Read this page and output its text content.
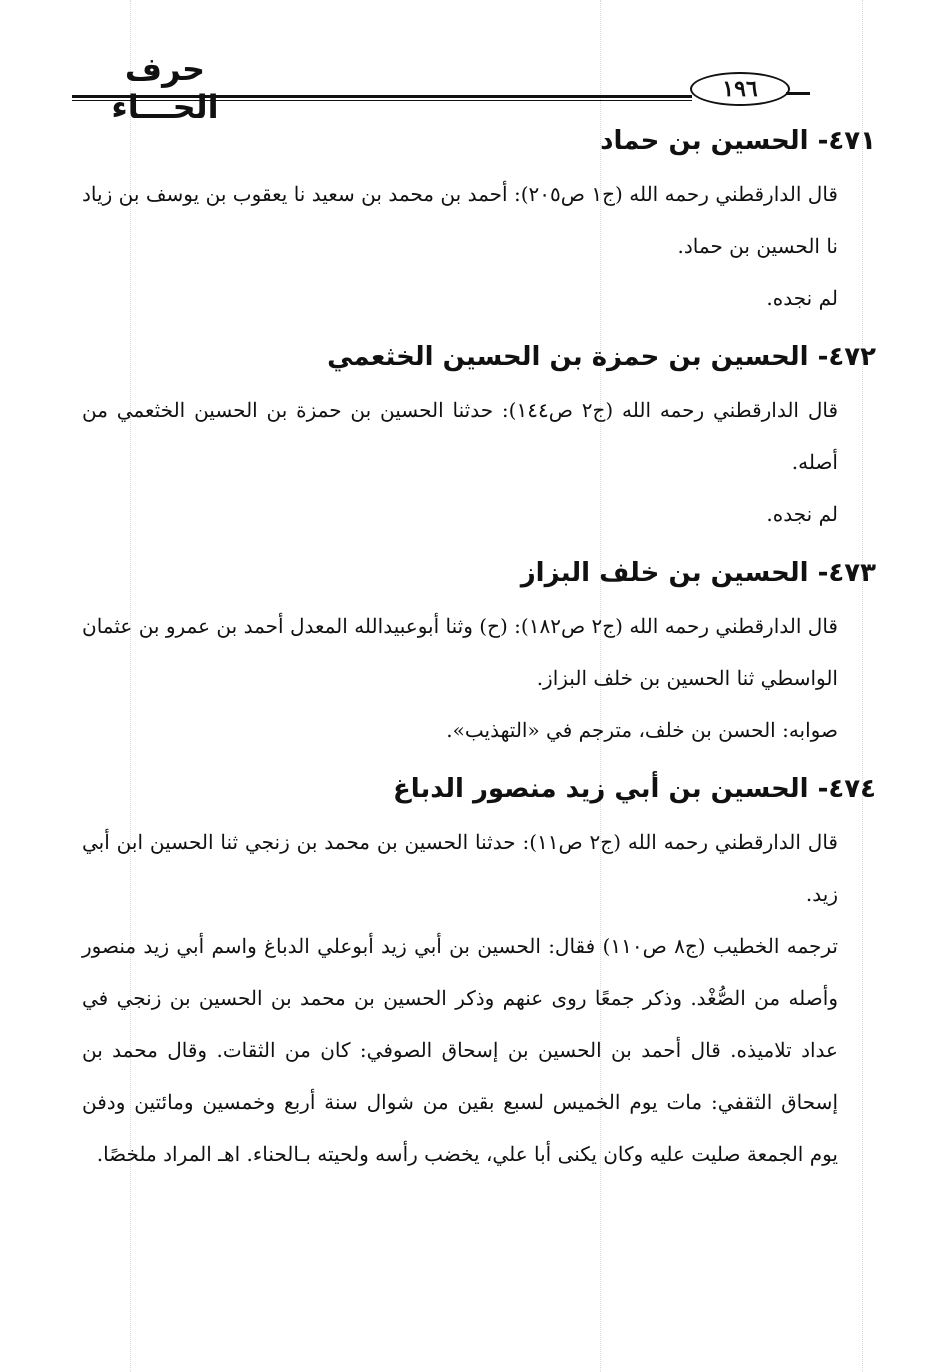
حرف الحـــاء	١٩٦
٤٧١- الحسين بن حماد

قال الدارقطني رحمه الله (ج١ ص٢٠٥): أحمد بن محمد بن سعيد نا يعقوب بن يوسف بن زياد نا الحسين بن حماد.

لم نجده.

٤٧٢- الحسين بن حمزة بن الحسين الخثعمي

قال الدارقطني رحمه الله (ج٢ ص١٤٤): حدثنا الحسين بن حمزة بن الحسين الخثعمي من أصله.

لم نجده.

٤٧٣- الحسين بن خلف البزاز

قال الدارقطني رحمه الله (ج٢ ص١٨٢): (ح) وثنا أبوعبيدالله المعدل أحمد بن عمرو بن عثمان الواسطي ثنا الحسين بن خلف البزاز.

صوابه: الحسن بن خلف، مترجم في «التهذيب».

٤٧٤- الحسين بن أبي زيد منصور الدباغ

قال الدارقطني رحمه الله (ج٢ ص١١): حدثنا الحسين بن محمد بن زنجي ثنا الحسين ابن أبي زيد.

ترجمه الخطيب (ج٨ ص١١٠) فقال: الحسين بن أبي زيد أبوعلي الدباغ واسم أبي زيد منصور وأصله من الصُّغْد. وذكر جمعًا روى عنهم وذكر الحسين بن محمد بن الحسين بن زنجي في عداد تلاميذه. قال أحمد بن الحسين بن إسحاق الصوفي: كان من الثقات. وقال محمد بن إسحاق الثقفي: مات يوم الخميس لسبع بقين من شوال سنة أربع وخمسين ومائتين ودفن يوم الجمعة صليت عليه وكان يكنى أبا علي، يخضب رأسه ولحيته بـالحناء. اهـ المراد ملخصًا.
